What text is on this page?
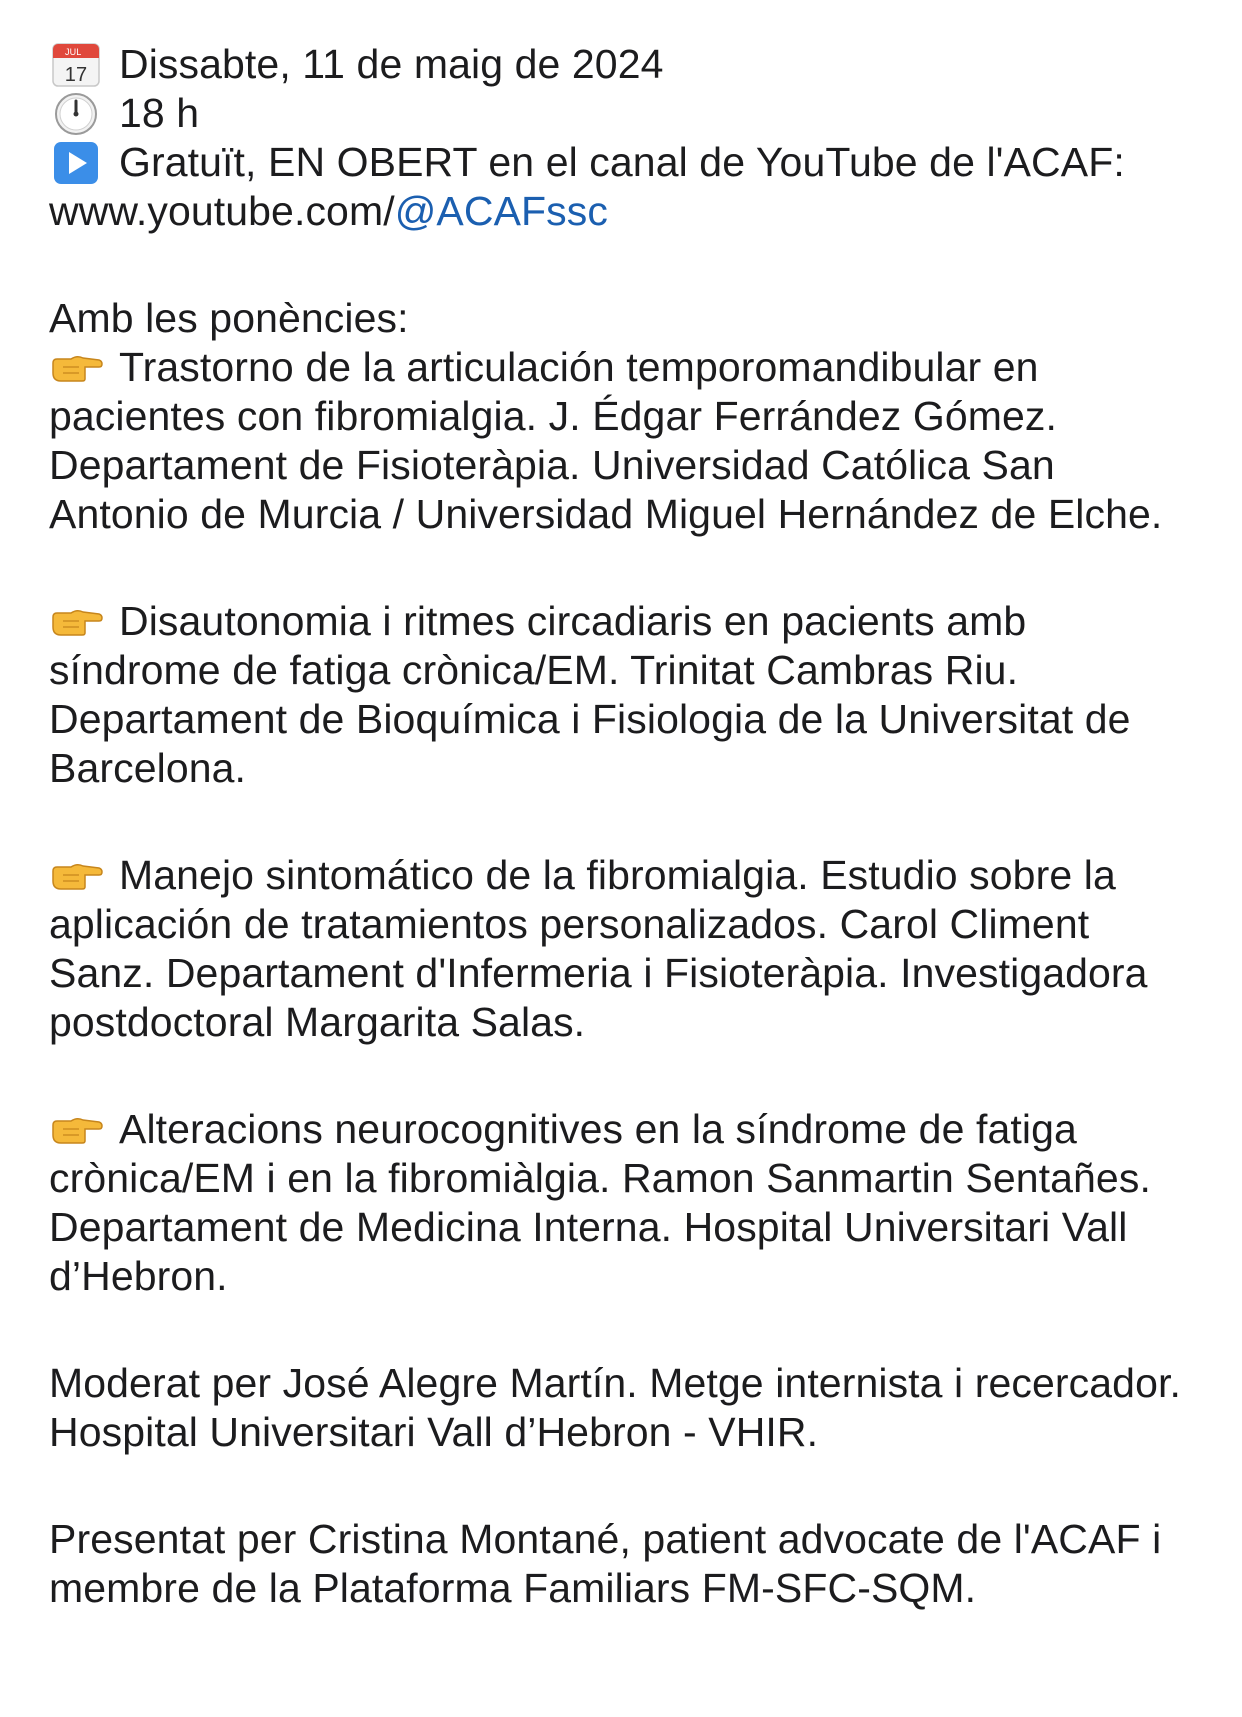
JUL
17 Dissabte, 11 de maig de 2024
18 h
Gratuït, EN OBERT en el canal de YouTube de l'ACAF:
www.youtube.com/ @ACAFssc
Amb les ponències:
Trastorno de la articulación temporomandibular en
pacientes con fibromialgia. J. Édgar Ferrández Gómez. Departament de Fisioteràpia. Universidad Católica San Antonio de Murcia / Universidad Miguel Hernández de Elche.
Disautonomia i ritmes circadiaris en pacients amb
síndrome de fatiga crònica/EM. Trinitat Cambras Riu. Departament de Bioquímica i Fisiologia de la Universitat de Barcelona.
Manejo sintomático de la fibromialgia. Estudio sobre la
aplicación de tratamientos personalizados. Carol Climent Sanz. Departament d'Infermeria i Fisioteràpia. Investigadora postdoctoral Margarita Salas.
Alteracions neurocognitives en la síndrome de fatiga
crònica/EM i en la fibromiàlgia. Ramon Sanmartin Sentañes. Departament de Medicina Interna. Hospital Universitari Vall d’Hebron.
Moderat per José Alegre Martín. Metge internista i recercador. Hospital Universitari Vall d’Hebron - VHIR.
Presentat per Cristina Montané, patient advocate de l'ACAF i membre de la Plataforma Familiars FM-SFC-SQM.
